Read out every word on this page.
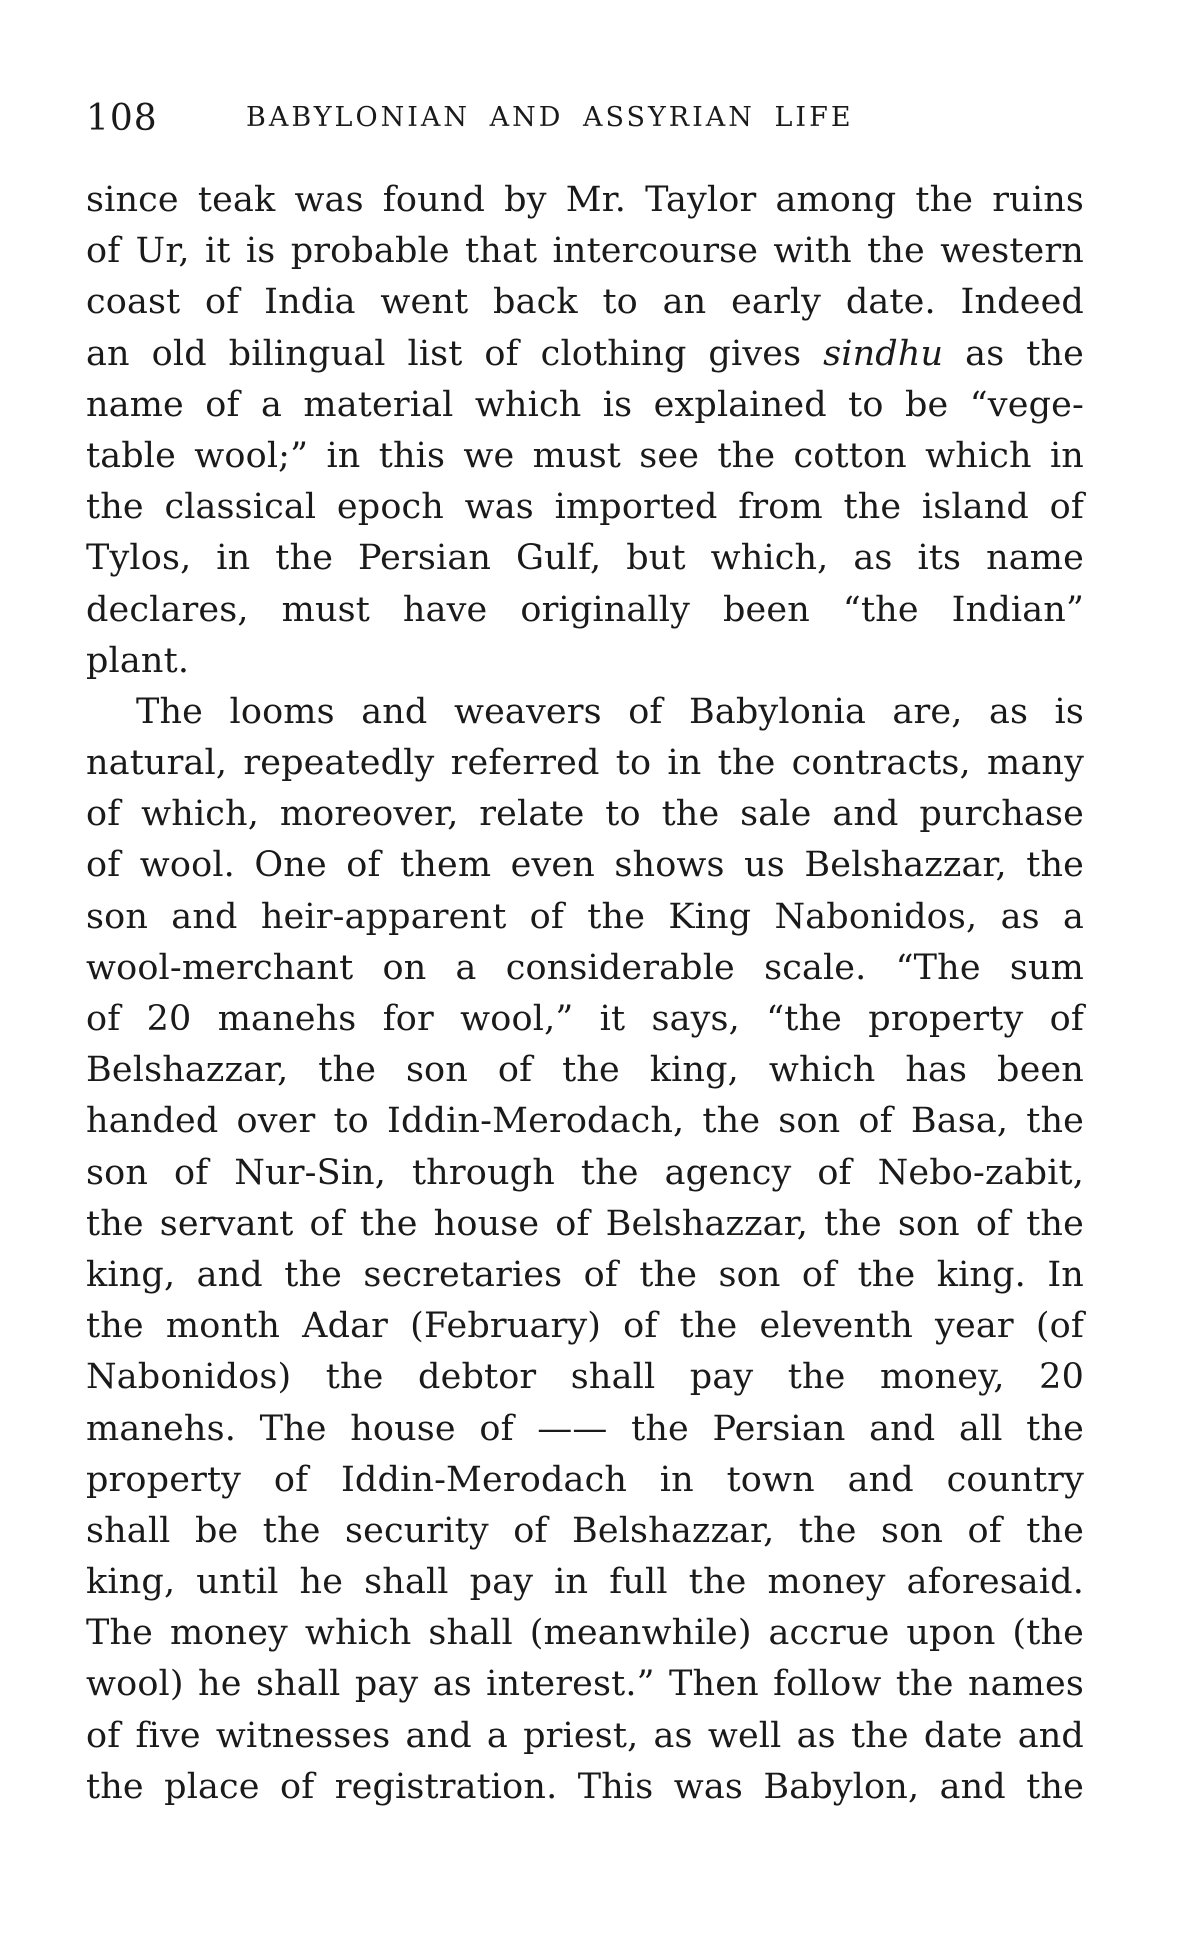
108	BABYLONIAN AND ASSYRIAN LIFE
since teak was found by Mr. Taylor among the ruins
of Ur, it is probable that intercourse with the western
coast of India went back to an early date. Indeed
an old bilingual list of clothing gives sindhu as the
name of a material which is explained to be “vege-
table wool;” in this we must see the cotton which in
the classical epoch was imported from the island of
Tylos, in the Persian Gulf, but which, as its name
declares, must have originally been “the Indian”
plant.
The looms and weavers of Babylonia are, as is
natural, repeatedly referred to in the contracts, many
of which, moreover, relate to the sale and purchase
of wool. One of them even shows us Belshazzar, the
son and heir-apparent of the King Nabonidos, as a
wool-merchant on a considerable scale. “The sum
of 20 manehs for wool,” it says, “the property of
Belshazzar, the son of the king, which has been
handed over to Iddin-Merodach, the son of Basa, the
son of Nur-Sin, through the agency of Nebo-zabit,
the servant of the house of Belshazzar, the son of the
king, and the secretaries of the son of the king. In
the month Adar (February) of the eleventh year (of
Nabonidos) the debtor shall pay the money, 20
manehs. The house of —— the Persian and all the
property of Iddin-Merodach in town and country
shall be the security of Belshazzar, the son of the
king, until he shall pay in full the money aforesaid.
The money which shall (meanwhile) accrue upon (the
wool) he shall pay as interest.” Then follow the names
of five witnesses and a priest, as well as the date and
the place of registration. This was Babylon, and the
